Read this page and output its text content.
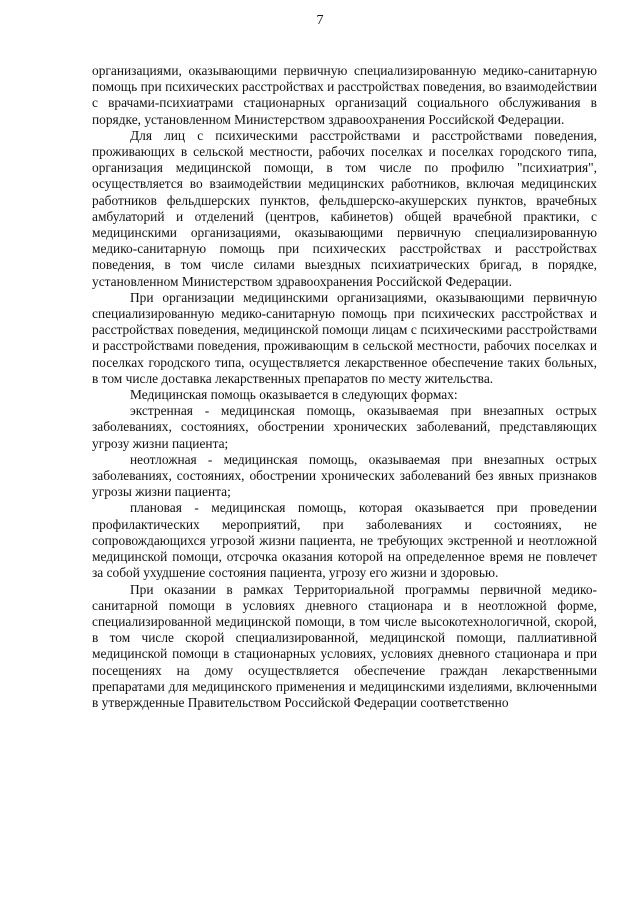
7

организациями, оказывающими первичную специализированную медико-санитарную помощь при психических расстройствах и расстройствах поведения, во взаимодействии с врачами-психиатрами стационарных организаций социального обслуживания в порядке, установленном Министерством здравоохранения Российской Федерации.

Для лиц с психическими расстройствами и расстройствами поведения, проживающих в сельской местности, рабочих поселках и поселках городского типа, организация медицинской помощи, в том числе по профилю "психиатрия", осуществляется во взаимодействии медицинских работников, включая медицинских работников фельдшерских пунктов, фельдшерско-акушерских пунктов, врачебных амбулаторий и отделений (центров, кабинетов) общей врачебной практики, с медицинскими организациями, оказывающими первичную специализированную медико-санитарную помощь при психических расстройствах и расстройствах поведения, в том числе силами выездных психиатрических бригад, в порядке, установленном Министерством здравоохранения Российской Федерации.

При организации медицинскими организациями, оказывающими первичную специализированную медико-санитарную помощь при психических расстройствах и расстройствах поведения, медицинской помощи лицам с психическими расстройствами и расстройствами поведения, проживающим в сельской местности, рабочих поселках и поселках городского типа, осуществляется лекарственное обеспечение таких больных, в том числе доставка лекарственных препаратов по месту жительства.

Медицинская помощь оказывается в следующих формах:

экстренная - медицинская помощь, оказываемая при внезапных острых заболеваниях, состояниях, обострении хронических заболеваний, представляющих угрозу жизни пациента;

неотложная - медицинская помощь, оказываемая при внезапных острых заболеваниях, состояниях, обострении хронических заболеваний без явных признаков угрозы жизни пациента;

плановая - медицинская помощь, которая оказывается при проведении профилактических мероприятий, при заболеваниях и состояниях, не сопровождающихся угрозой жизни пациента, не требующих экстренной и неотложной медицинской помощи, отсрочка оказания которой на определенное время не повлечет за собой ухудшение состояния пациента, угрозу его жизни и здоровью.

При оказании в рамках Территориальной программы первичной медико-санитарной помощи в условиях дневного стационара и в неотложной форме, специализированной медицинской помощи, в том числе высокотехнологичной, скорой, в том числе скорой специализированной, медицинской помощи, паллиативной медицинской помощи в стационарных условиях, условиях дневного стационара и при посещениях на дому осуществляется обеспечение граждан лекарственными препаратами для медицинского применения и медицинскими изделиями, включенными в утвержденные Правительством Российской Федерации соответственно
